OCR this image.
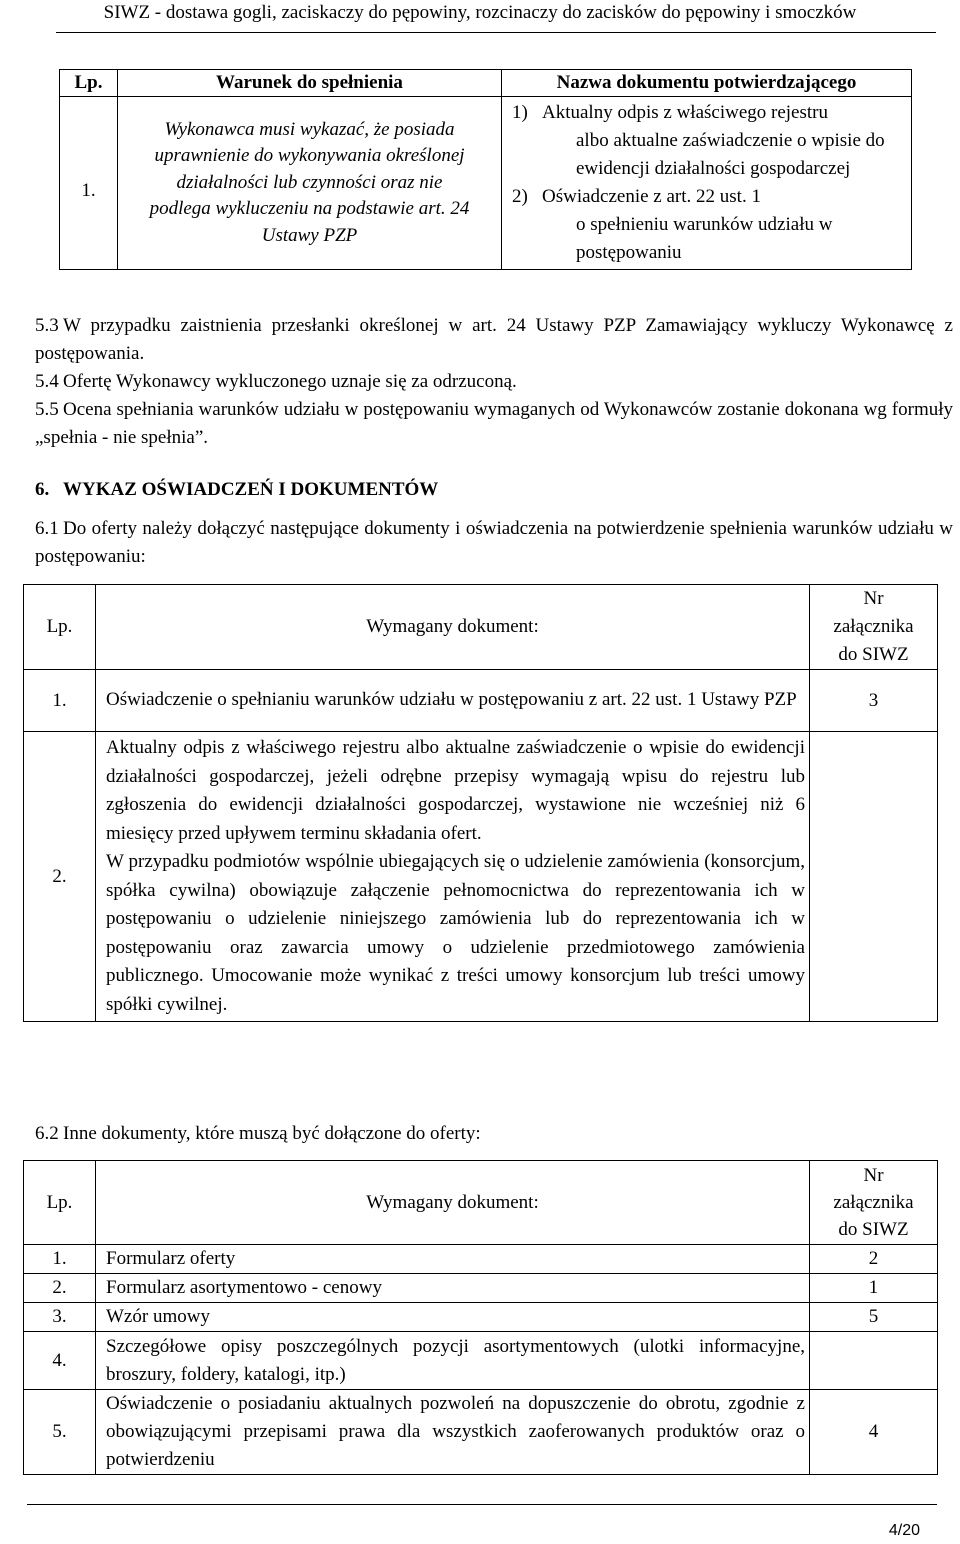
SIWZ - dostawa gogli, zaciskaczy do pępowiny, rozcinaczy do zacisków do pępowiny i smoczków
Lp.	Warunek do spełnienia	Nazwa dokumentu potwierdzającego
1.	Wykonawca musi wykazać, że posiada uprawnienie do wykonywania określonej działalności lub czynności oraz nie podlega wykluczeniu na podstawie art. 24 Ustawy PZP	1) Aktualny odpis z właściwego rejestru
albo aktualne zaświadczenie o wpisie do ewidencji działalności gospodarczej
2) Oświadczenie z art. 22 ust. 1
o spełnieniu warunków udziału w postępowaniu

5.3 W przypadku zaistnienia przesłanki określonej w art. 24 Ustawy PZP Zamawiający wykluczy Wykonawcę z postępowania.

5.4 Ofertę Wykonawcy wykluczonego uznaje się za odrzuconą.

5.5 Ocena spełniania warunków udziału w postępowaniu wymaganych od Wykonawców zostanie dokonana wg formuły „spełnia - nie spełnia”.

6. WYKAZ OŚWIADCZEŃ I DOKUMENTÓW

6.1 Do oferty należy dołączyć następujące dokumenty i oświadczenia na potwierdzenie spełnienia warunków udziału w postępowaniu:

Lp.	Wymagany dokument:	Nr
załącznika
do SIWZ

1.	Oświadczenie o spełnianiu warunków udziału w postępowaniu z art. 22 ust. 1 Ustawy PZP	3
2.	Aktualny odpis z właściwego rejestru albo aktualne zaświadczenie o wpisie do ewidencji działalności gospodarczej, jeżeli odrębne przepisy wymagają wpisu do rejestru lub zgłoszenia do ewidencji działalności gospodarczej, wystawione nie wcześniej niż 6 miesięcy przed upływem terminu składania ofert.
W przypadku podmiotów wspólnie ubiegających się o udzielenie zamówienia (konsorcjum, spółka cywilna) obowiązuje załączenie pełnomocnictwa do reprezentowania ich w postępowaniu o udzielenie niniejszego zamówienia lub do reprezentowania ich w postępowaniu oraz zawarcia umowy o udzielenie przedmiotowego zamówienia publicznego. Umocowanie może wynikać z treści umowy konsorcjum lub treści umowy spółki cywilnej.	

6.2 Inne dokumenty, które muszą być dołączone do oferty:

Lp.	Wymagany dokument:	Nr
załącznika
do SIWZ

1.	Formularz oferty	2
2.	Formularz asortymentowo - cenowy	1
3.	Wzór umowy	5
4.	Szczegółowe opisy poszczególnych pozycji asortymentowych (ulotki informacyjne, broszury, foldery, katalogi, itp.)	
5.	Oświadczenie o posiadaniu aktualnych pozwoleń na dopuszczenie do obrotu, zgodnie z obowiązującymi przepisami prawa dla wszystkich zaoferowanych produktów oraz o potwierdzeniu	4
4/20
